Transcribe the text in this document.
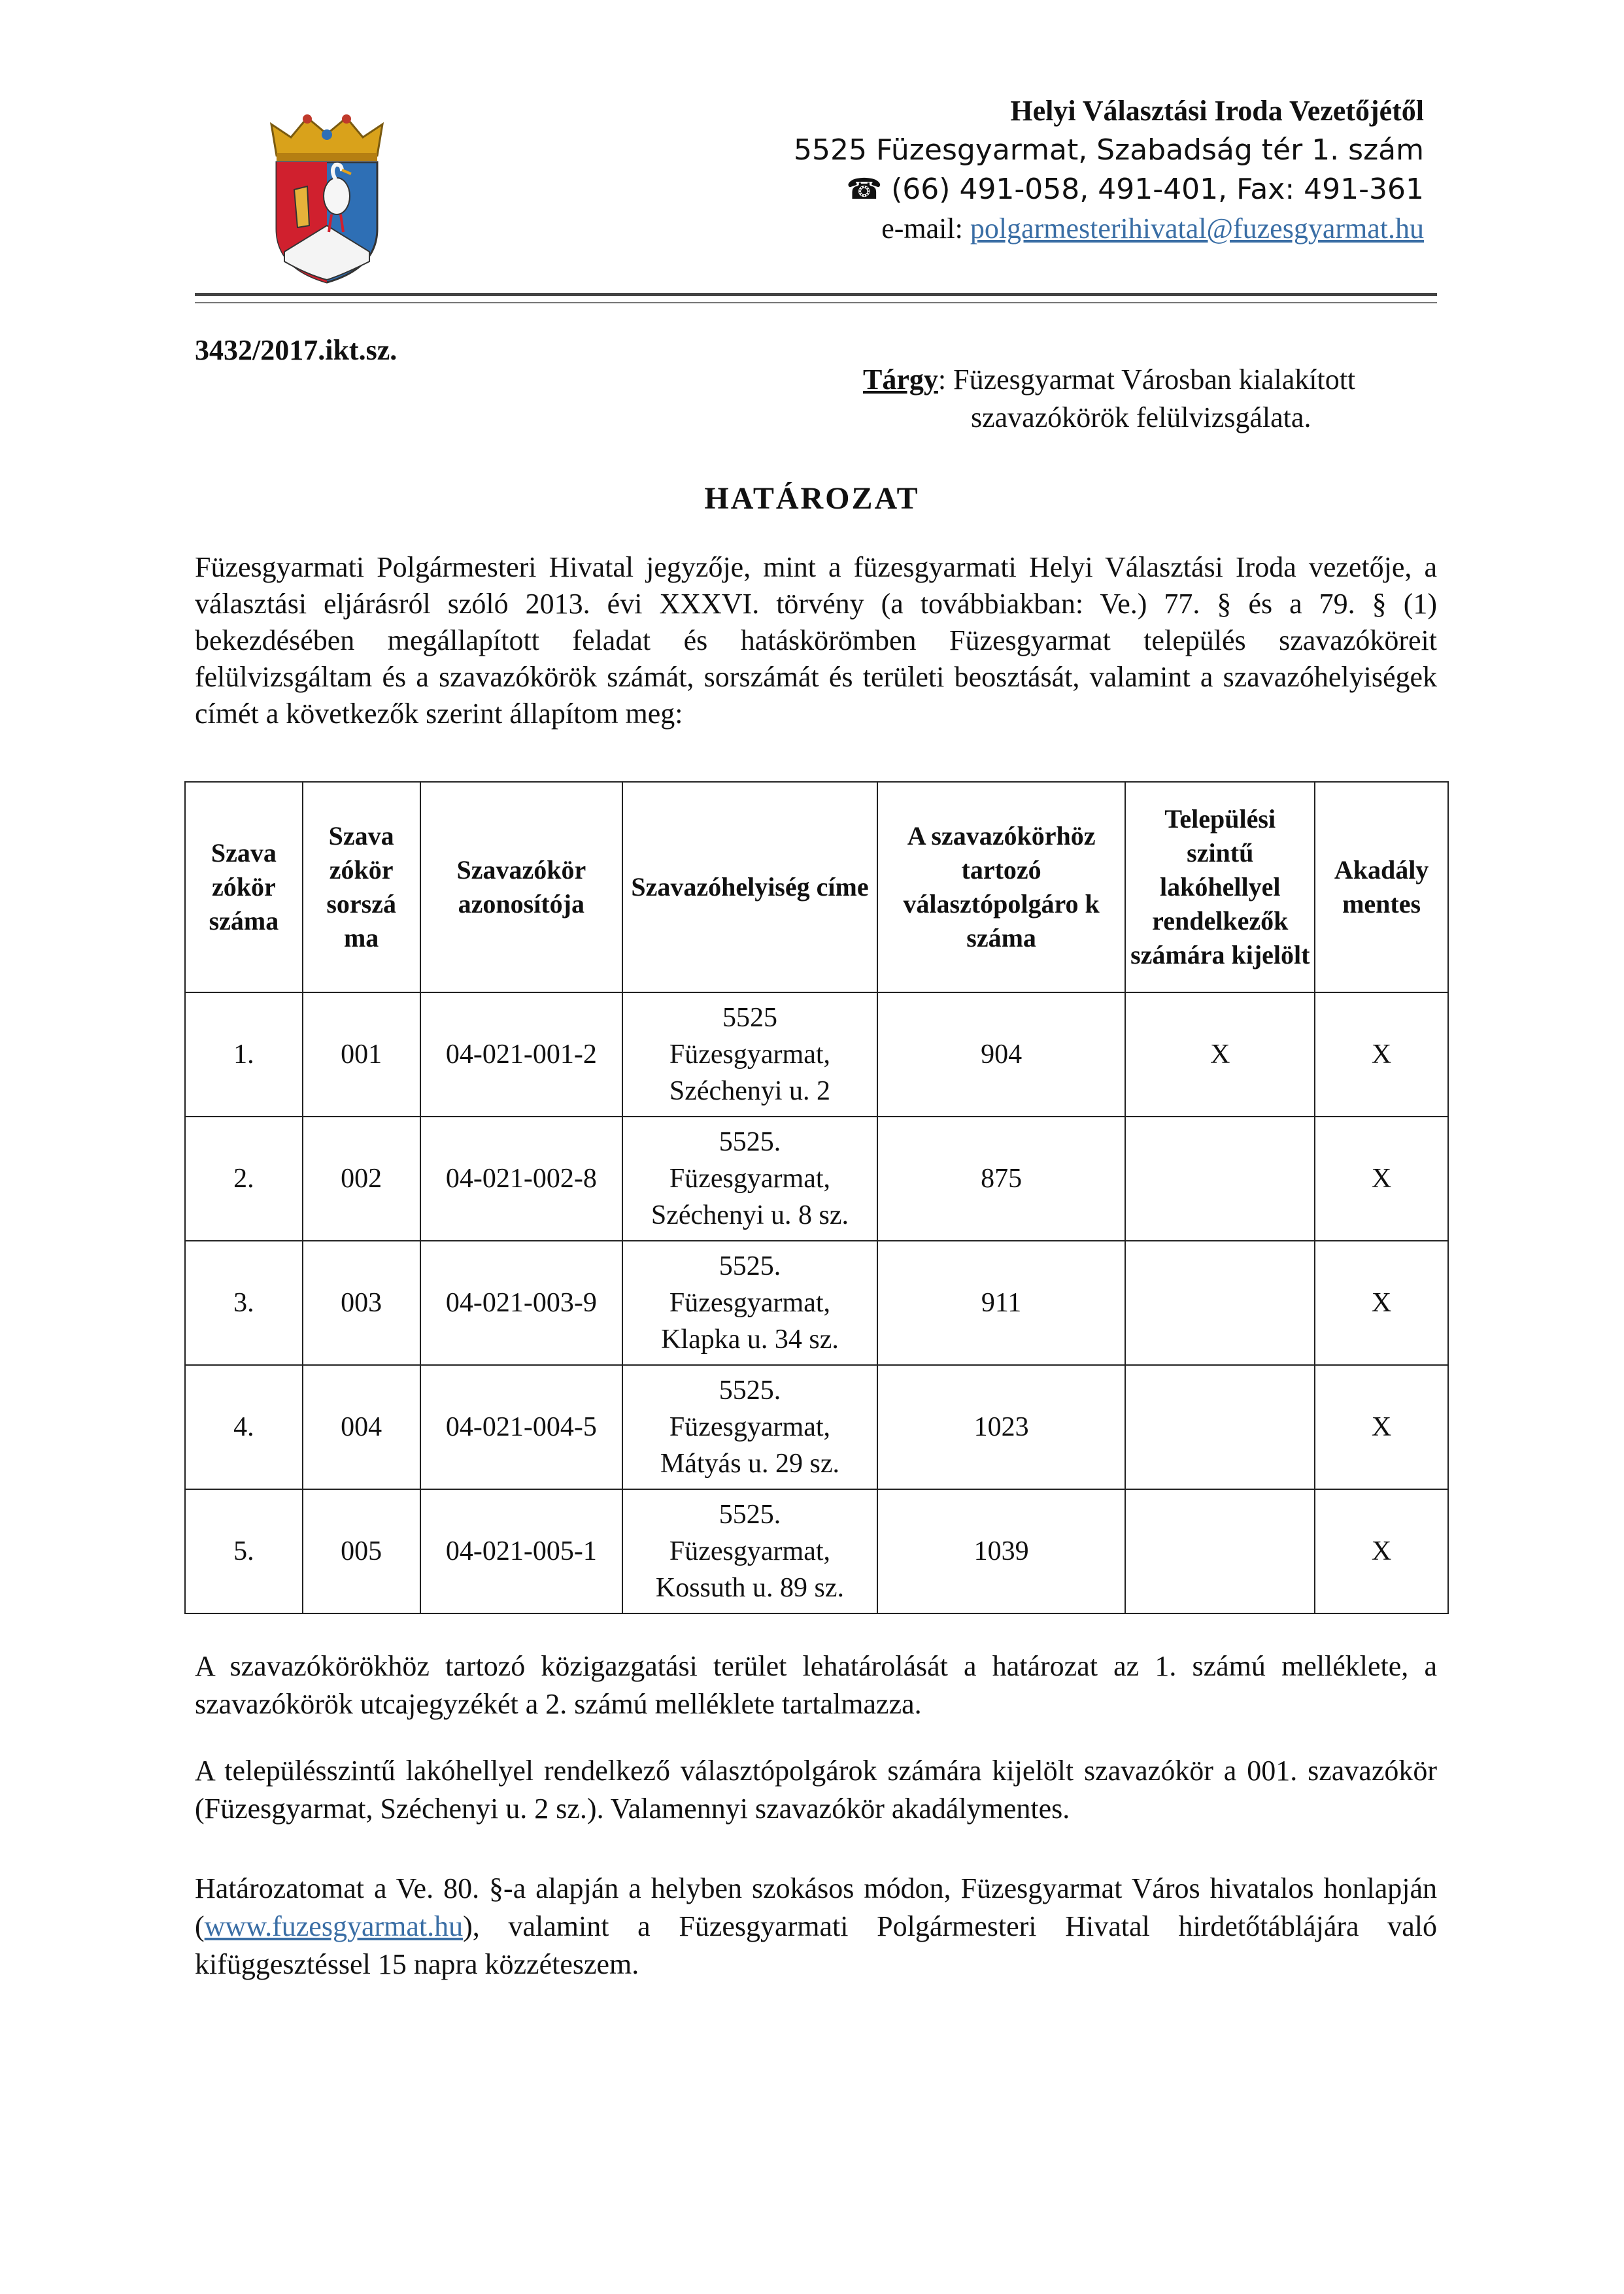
Helyi Választási Iroda Vezetőjétől
5525 Füzesgyarmat, Szabadság tér 1. szám
☎ (66) 491-058, 491-401, Fax: 491-361
e-mail: polgarmesterihivatal@fuzesgyarmat.hu
3432/2017.ikt.sz.
Tárgy: Füzesgyarmat Városban kialakított
szavazókörök felülvizsgálata.
HATÁROZAT
Füzesgyarmati Polgármesteri Hivatal jegyzője, mint a füzesgyarmati Helyi Választási Iroda vezetője, a választási eljárásról szóló 2013. évi XXXVI. törvény (a továbbiakban: Ve.) 77. § és a 79. § (1) bekezdésében megállapított feladat és hatáskörömben Füzesgyarmat település szavazóköreit felülvizsgáltam és a szavazókörök számát, sorszámát és területi beosztását, valamint a szavazóhelyiségek címét a következők szerint állapítom meg:
Szava zókör száma	Szava zókör sorszá ma	Szavazókör azonosítója	Szavazóhelyiség címe	A szavazókörhöz tartozó választópolgáro k száma	Települési szintű lakóhellyel rendelkezők számára kijelölt	Akadály mentes
1.	001	04-021-001-2	5525
Füzesgyarmat,
Széchenyi u. 2	904	X	X
2.	002	04-021-002-8	5525.
Füzesgyarmat,
Széchenyi u. 8 sz.	875		X
3.	003	04-021-003-9	5525.
Füzesgyarmat,
Klapka u. 34 sz.	911		X
4.	004	04-021-004-5	5525.
Füzesgyarmat,
Mátyás u. 29 sz.	1023		X
5.	005	04-021-005-1	5525.
Füzesgyarmat,
Kossuth u. 89 sz.	1039		X
A szavazókörökhöz tartozó közigazgatási terület lehatárolását a határozat az 1. számú melléklete, a szavazókörök utcajegyzékét a 2. számú melléklete tartalmazza.
A településszintű lakóhellyel rendelkező választópolgárok számára kijelölt szavazókör a 001. szavazókör (Füzesgyarmat, Széchenyi u. 2 sz.). Valamennyi szavazókör akadálymentes.
Határozatomat a Ve. 80. §-a alapján a helyben szokásos módon, Füzesgyarmat Város hivatalos honlapján (www.fuzesgyarmat.hu), valamint a Füzesgyarmati Polgármesteri Hivatal hirdetőtáblájára való kifüggesztéssel 15 napra közzéteszem.
